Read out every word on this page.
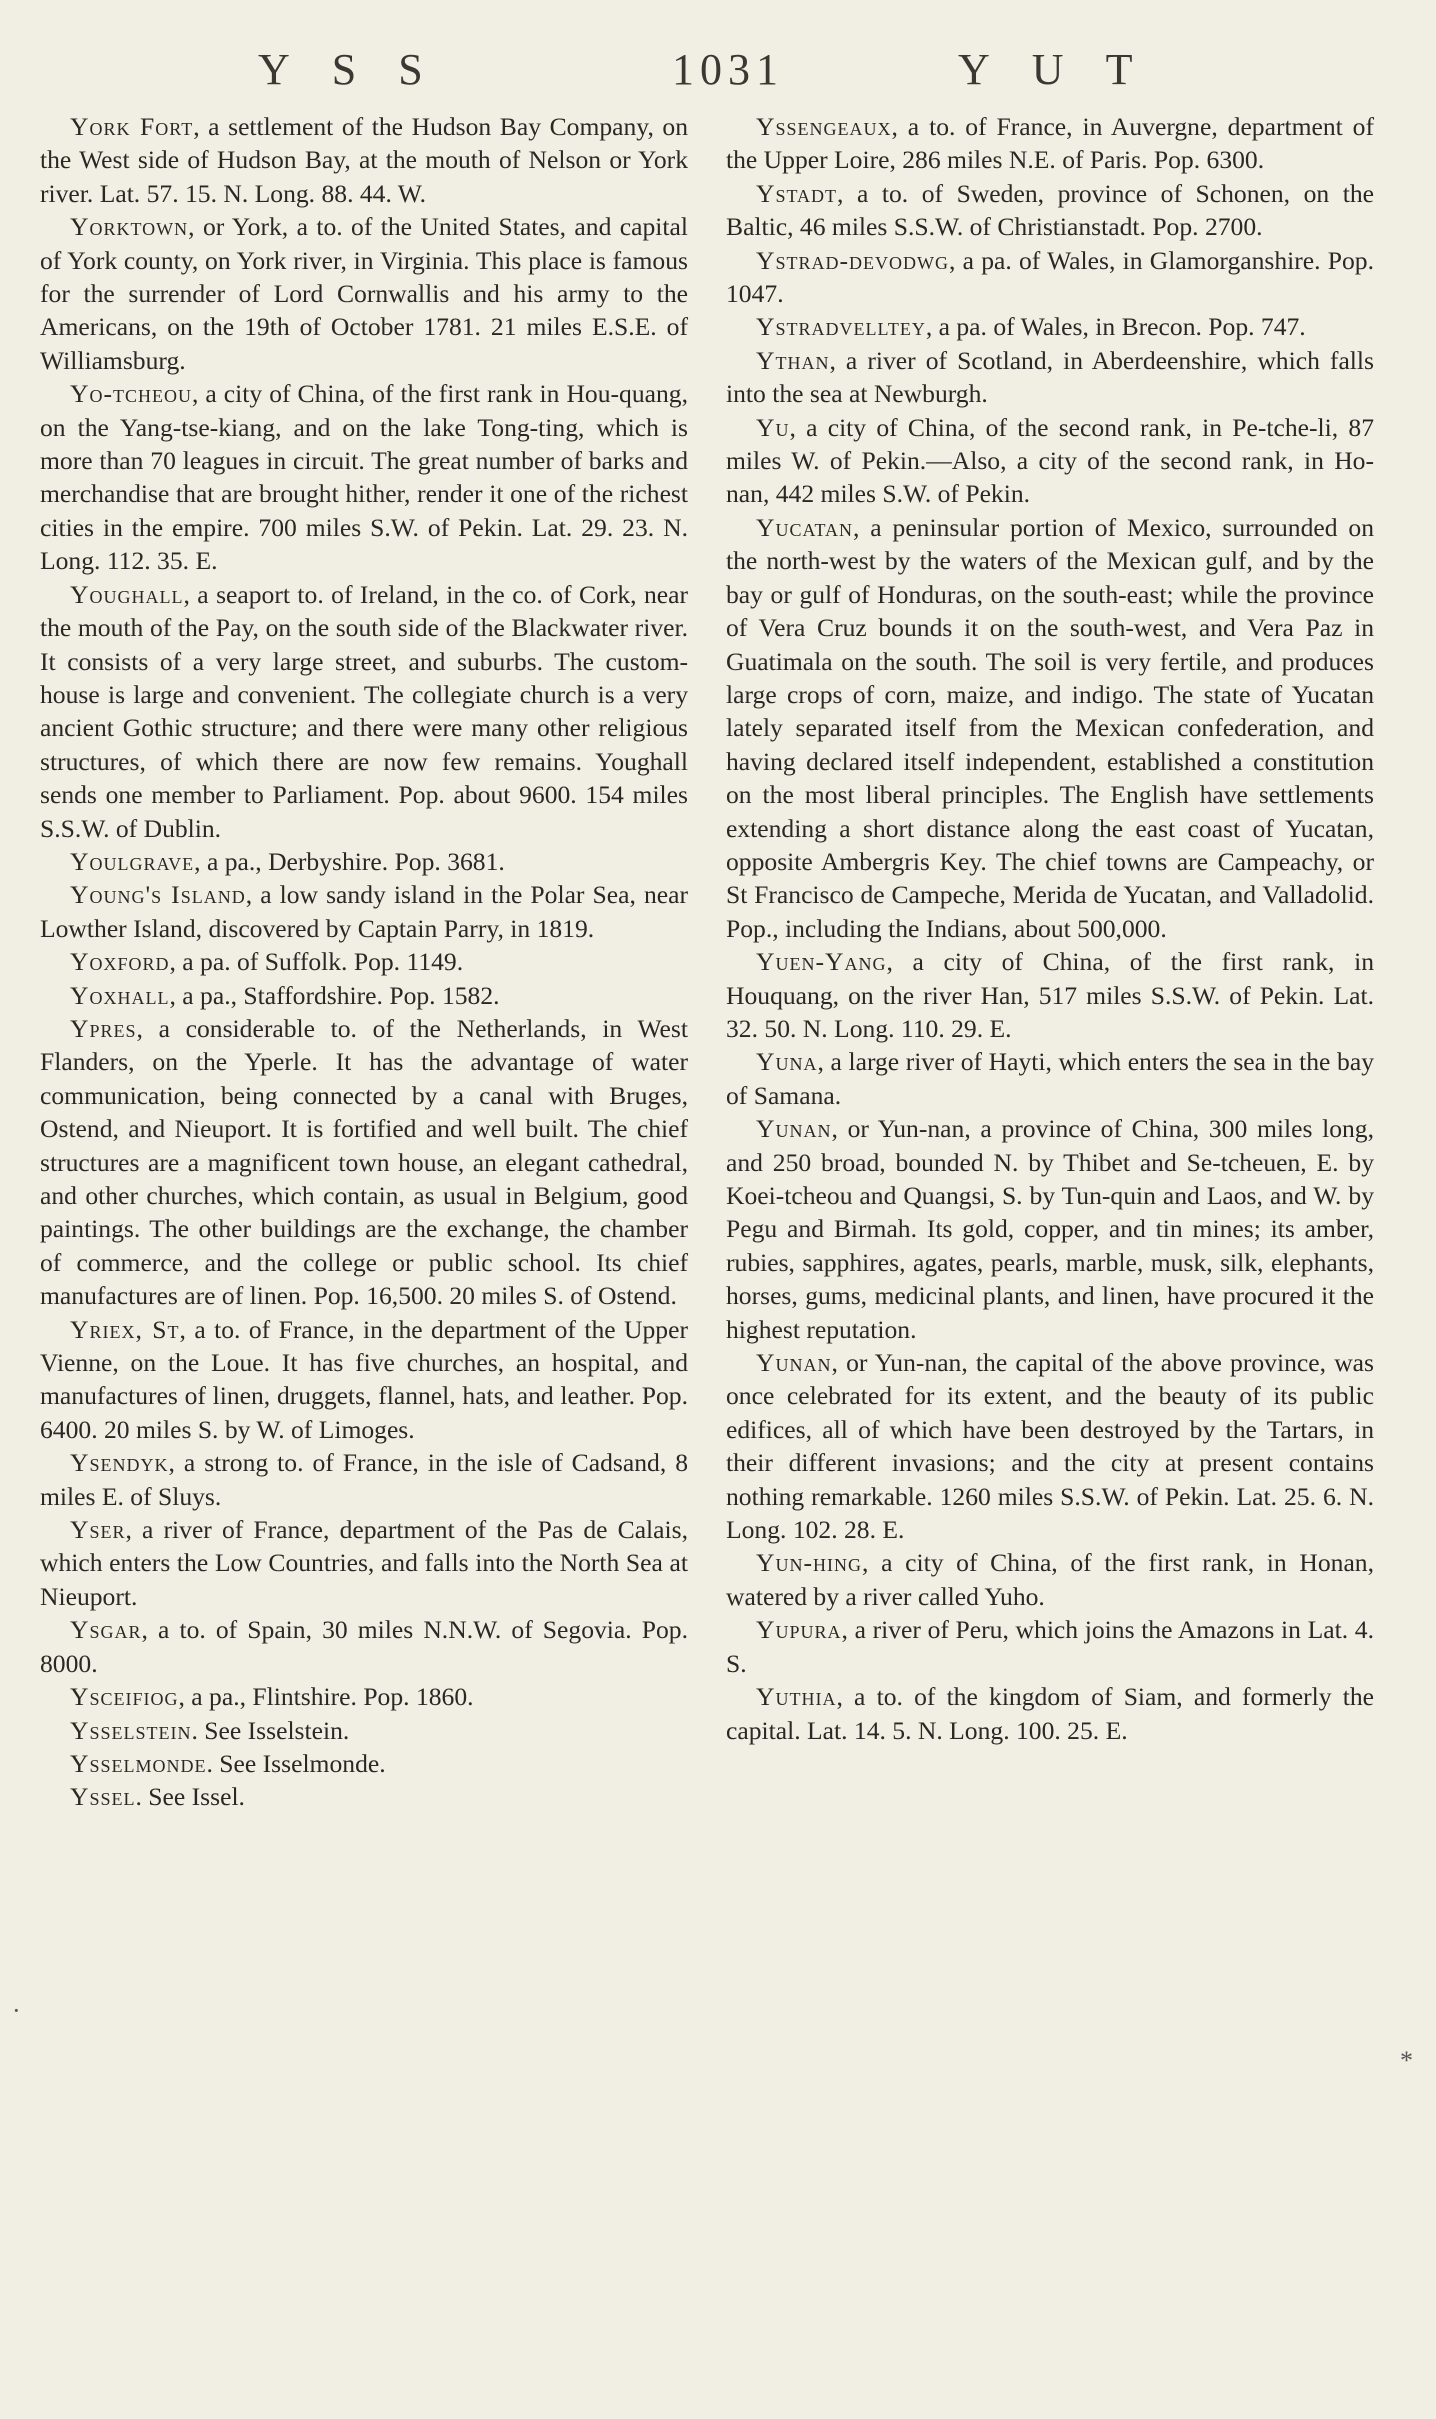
Y S S	1031	Y U T

York Fort, a settlement of the Hudson Bay Company, on the West side of Hudson Bay, at the mouth of Nelson or York river. Lat. 57. 15. N. Long. 88. 44. W.

Yorktown, or York, a to. of the United States, and capital of York county, on York river, in Virginia. This place is famous for the surrender of Lord Cornwallis and his army to the Americans, on the 19th of October 1781. 21 miles E.S.E. of Williamsburg.

Yo-tcheou, a city of China, of the first rank in Hou-quang, on the Yang-tse-kiang, and on the lake Tong-ting, which is more than 70 leagues in circuit. The great number of barks and merchandise that are brought hither, render it one of the richest cities in the empire. 700 miles S.W. of Pekin. Lat. 29. 23. N. Long. 112. 35. E.

Youghall, a seaport to. of Ireland, in the co. of Cork, near the mouth of the Pay, on the south side of the Blackwater river. It consists of a very large street, and suburbs. The custom-house is large and convenient. The collegiate church is a very ancient Gothic structure; and there were many other religious structures, of which there are now few remains. Youghall sends one member to Parliament. Pop. about 9600. 154 miles S.S.W. of Dublin.

Youlgrave, a pa., Derbyshire. Pop. 3681.

Young's Island, a low sandy island in the Polar Sea, near Lowther Island, discovered by Captain Parry, in 1819.

Yoxford, a pa. of Suffolk. Pop. 1149.

Yoxhall, a pa., Staffordshire. Pop. 1582.

Ypres, a considerable to. of the Netherlands, in West Flanders, on the Yperle. It has the advantage of water communication, being connected by a canal with Bruges, Ostend, and Nieuport. It is fortified and well built. The chief structures are a magnificent town house, an elegant cathedral, and other churches, which contain, as usual in Belgium, good paintings. The other buildings are the exchange, the chamber of commerce, and the college or public school. Its chief manufactures are of linen. Pop. 16,500. 20 miles S. of Ostend.

Yriex, St, a to. of France, in the department of the Upper Vienne, on the Loue. It has five churches, an hospital, and manufactures of linen, druggets, flannel, hats, and leather. Pop. 6400. 20 miles S. by W. of Limoges.

Ysendyk, a strong to. of France, in the isle of Cadsand, 8 miles E. of Sluys.

Yser, a river of France, department of the Pas de Calais, which enters the Low Countries, and falls into the North Sea at Nieuport.

Ysgar, a to. of Spain, 30 miles N.N.W. of Segovia. Pop. 8000.

Ysceifiog, a pa., Flintshire. Pop. 1860.

Ysselstein. See Isselstein.

Ysselmonde. See Isselmonde.

Yssel. See Issel.

Yssengeaux, a to. of France, in Auvergne, department of the Upper Loire, 286 miles N.E. of Paris. Pop. 6300.

Ystadt, a to. of Sweden, province of Schonen, on the Baltic, 46 miles S.S.W. of Christianstadt. Pop. 2700.

Ystrad-devodwg, a pa. of Wales, in Glamorganshire. Pop. 1047.

Ystradvelltey, a pa. of Wales, in Brecon. Pop. 747.

Ythan, a river of Scotland, in Aberdeenshire, which falls into the sea at Newburgh.

Yu, a city of China, of the second rank, in Pe-tche-li, 87 miles W. of Pekin.—Also, a city of the second rank, in Ho-nan, 442 miles S.W. of Pekin.

Yucatan, a peninsular portion of Mexico, surrounded on the north-west by the waters of the Mexican gulf, and by the bay or gulf of Honduras, on the south-east; while the province of Vera Cruz bounds it on the south-west, and Vera Paz in Guatimala on the south. The soil is very fertile, and produces large crops of corn, maize, and indigo. The state of Yucatan lately separated itself from the Mexican confederation, and having declared itself independent, established a constitution on the most liberal principles. The English have settlements extending a short distance along the east coast of Yucatan, opposite Ambergris Key. The chief towns are Campeachy, or St Francisco de Campeche, Merida de Yucatan, and Valladolid. Pop., including the Indians, about 500,000.

Yuen-Yang, a city of China, of the first rank, in Houquang, on the river Han, 517 miles S.S.W. of Pekin. Lat. 32. 50. N. Long. 110. 29. E.

Yuna, a large river of Hayti, which enters the sea in the bay of Samana.

Yunan, or Yun-nan, a province of China, 300 miles long, and 250 broad, bounded N. by Thibet and Se-tcheuen, E. by Koei-tcheou and Quangsi, S. by Tun-quin and Laos, and W. by Pegu and Birmah. Its gold, copper, and tin mines; its amber, rubies, sapphires, agates, pearls, marble, musk, silk, elephants, horses, gums, medicinal plants, and linen, have procured it the highest reputation.

Yunan, or Yun-nan, the capital of the above province, was once celebrated for its extent, and the beauty of its public edifices, all of which have been destroyed by the Tartars, in their different invasions; and the city at present contains nothing remarkable. 1260 miles S.S.W. of Pekin. Lat. 25. 6. N. Long. 102. 28. E.

Yun-hing, a city of China, of the first rank, in Honan, watered by a river called Yuho.

Yupura, a river of Peru, which joins the Amazons in Lat. 4. S.

Yuthia, a to. of the kingdom of Siam, and formerly the capital. Lat. 14. 5. N. Long. 100. 25. E.

·
*
